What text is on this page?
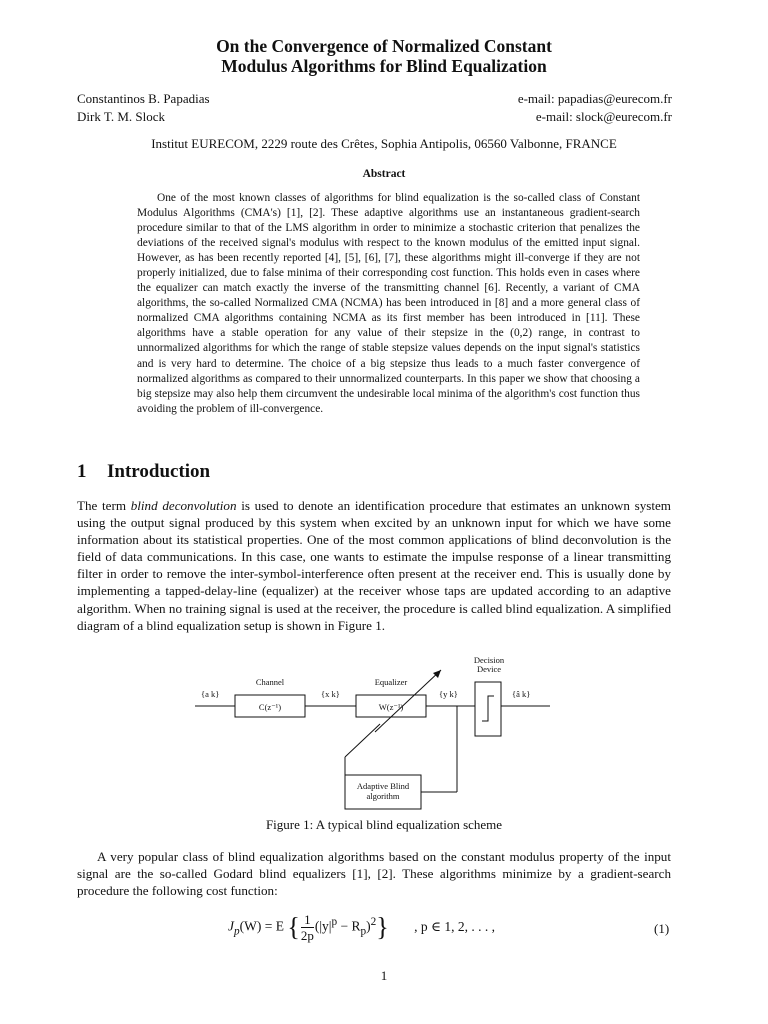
On the Convergence of Normalized Constant
Modulus Algorithms for Blind Equalization
Constantinos B. Papadias
Dirk T. M. Slock
e-mail: papadias@eurecom.fr
e-mail: slock@eurecom.fr
Institut EURECOM, 2229 route des Crêtes, Sophia Antipolis, 06560 Valbonne, FRANCE
Abstract

One of the most known classes of algorithms for blind equalization is the so-called class of Constant Modulus Algorithms (CMA's) [1], [2]. These adaptive algorithms use an instantaneous gradient-search procedure similar to that of the LMS algorithm in order to minimize a stochastic criterion that penalizes the deviations of the received signal's modulus with respect to the known modulus of the emitted input signal. However, as has been recently reported [4], [5], [6], [7], these algorithms might ill-converge if they are not properly initialized, due to false minima of their corresponding cost function. This holds even in cases where the equalizer can match exactly the inverse of the transmitting channel [6]. Recently, a variant of CMA algorithms, the so-called Normalized CMA (NCMA) has been introduced in [8] and a more general class of normalized CMA algorithms containing NCMA as its first member has been introduced in [11]. These algorithms have a stable operation for any value of their stepsize in the (0,2) range, in contrast to unnormalized algorithms for which the range of stable stepsize values depends on the input signal's statistics and is very hard to determine. The choice of a big stepsize thus leads to a much faster convergence of normalized algorithms as compared to their unnormalized counterparts. In this paper we show that choosing a big stepsize may also help them circumvent the undesirable local minima of the algorithm's cost function thus avoiding the problem of ill-convergence.

1 Introduction

The term blind deconvolution is used to denote an identification procedure that estimates an unknown system using the output signal produced by this system when excited by an unknown input for which we have some information about its statistical properties. One of the most common applications of blind deconvolution is the field of data communications. In this case, one wants to estimate the impulse response of a linear transmitting filter in order to remove the inter-symbol-interference often present at the receiver end. This is usually done by implementing a tapped-delay-line (equalizer) at the receiver whose taps are updated according to an adaptive algorithm. When no training signal is used at the receiver, the procedure is called blind equalization. A simplified diagram of a blind equalization setup is shown in Figure 1.

{a k}
Channel
C(z⁻¹)
{x k}
Equalizer
W(z⁻¹)
{y k}
Decision
Device
{â k}
Adaptive Blind
algorithm
Figure 1: A typical blind equalization scheme

A very popular class of blind equalization algorithms based on the constant modulus property of the input signal are the so-called Godard blind equalizers [1], [2]. These algorithms minimize by a gradient-search procedure the following cost function:

$J_p(W) = E$ { $\frac{1}{2p} (|y|^p - R_p)^2$} , p ∈ 1, 2, . . . ,	(1)
1
